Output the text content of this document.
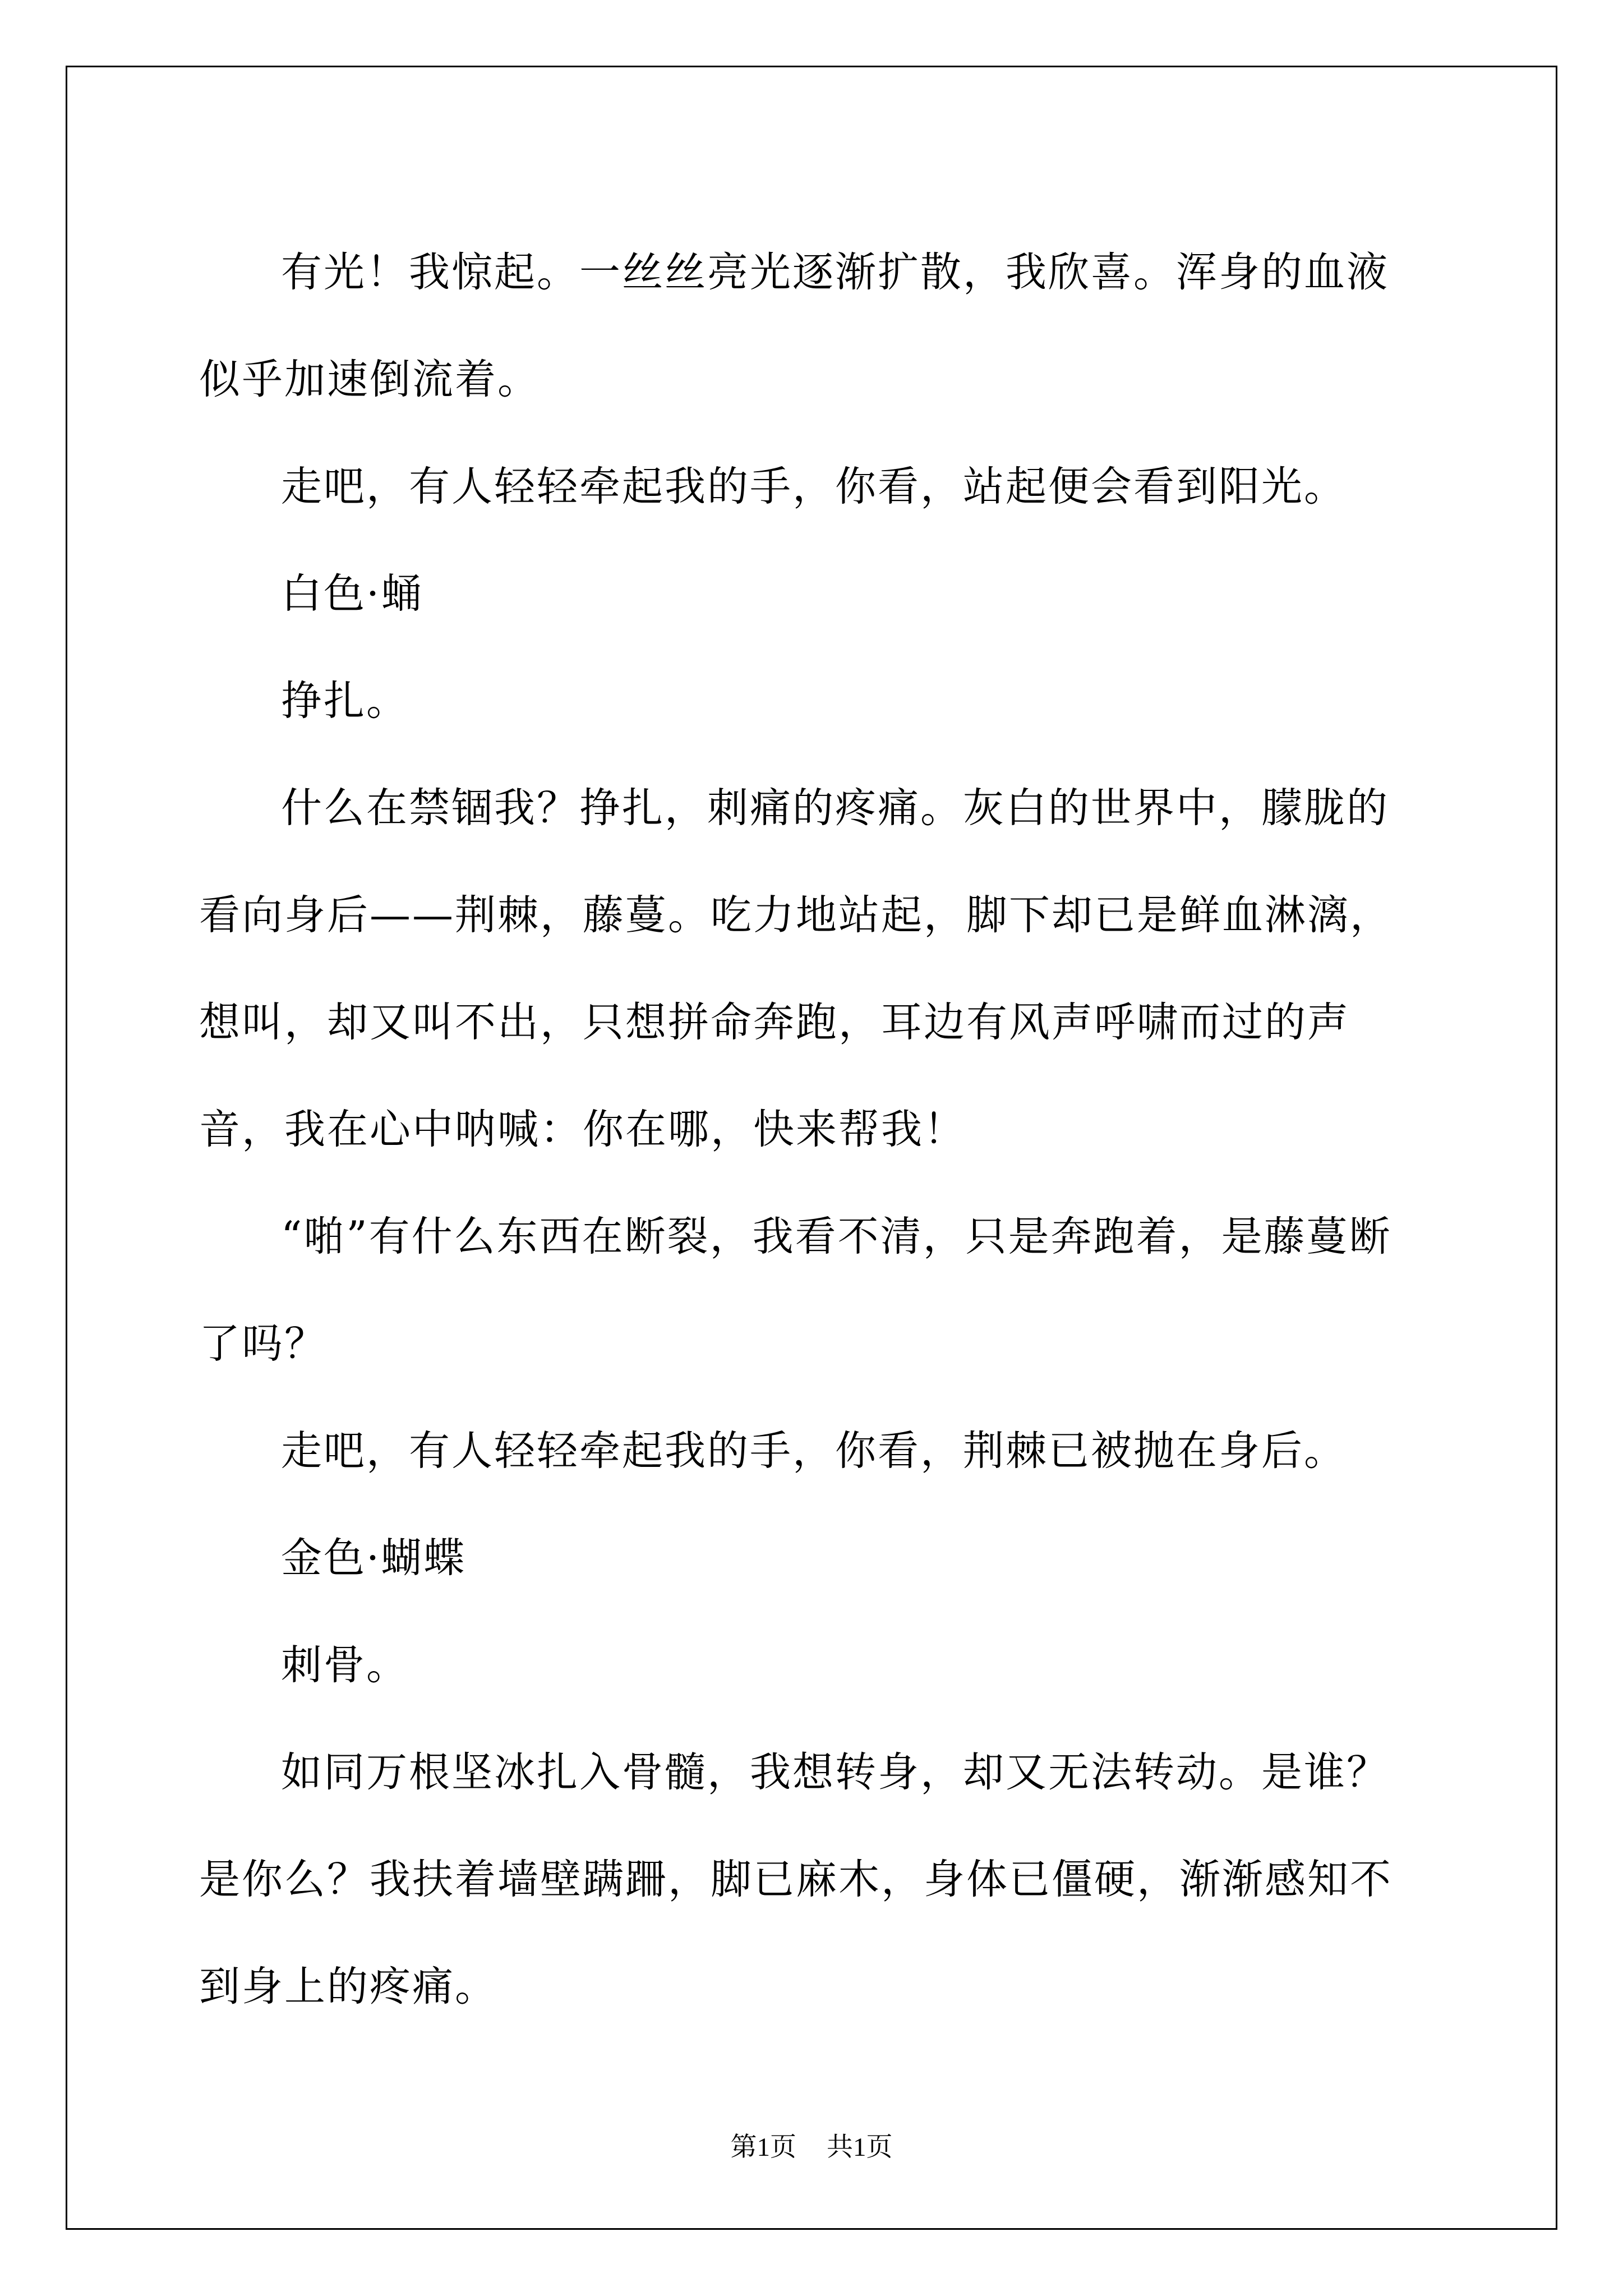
有光！我惊起。一丝丝亮光逐渐扩散，我欣喜。浑身的血液似乎加速倒流着。

走吧，有人轻轻牵起我的手，你看，站起便会看到阳光。

白色·蛹

挣扎。

什么在禁锢我？挣扎，刺痛的疼痛。灰白的世界中，朦胧的看向身后——荆棘，藤蔓。吃力地站起，脚下却已是鲜血淋漓，想叫，却又叫不出，只想拼命奔跑，耳边有风声呼啸而过的声音，我在心中呐喊：你在哪，快来帮我！

“啪”有什么东西在断裂，我看不清，只是奔跑着，是藤蔓断了吗？

走吧，有人轻轻牵起我的手，你看，荆棘已被抛在身后。

金色·蝴蝶

刺骨。

如同万根坚冰扎入骨髓，我想转身，却又无法转动。是谁？是你么？我扶着墙壁蹒跚，脚已麻木，身体已僵硬，渐渐感知不到身上的疼痛。

第1页 共1页
